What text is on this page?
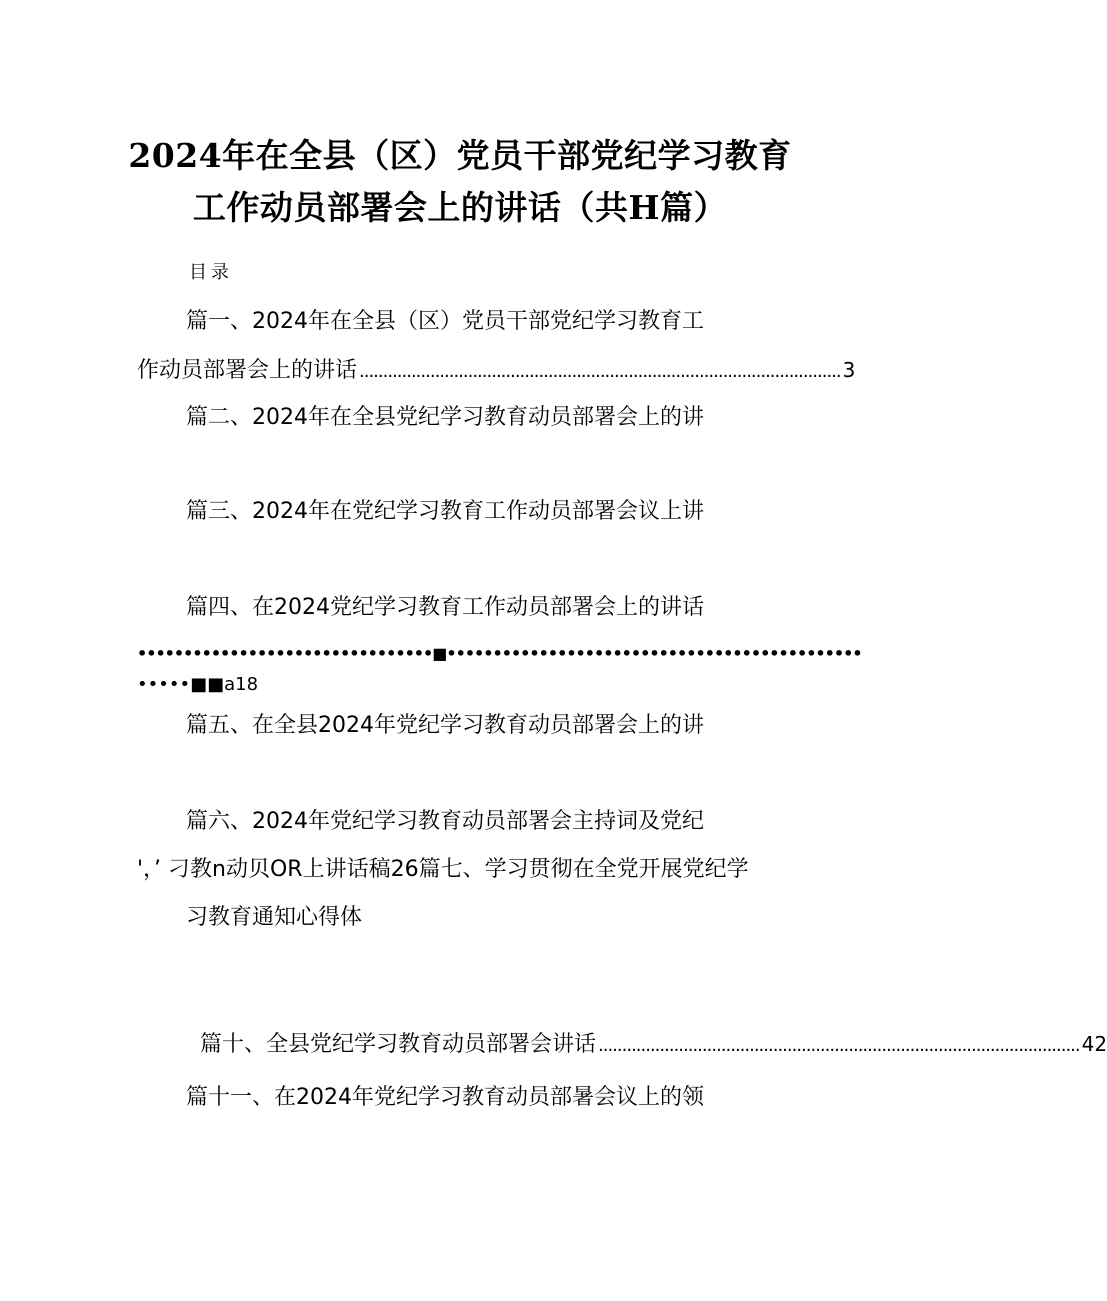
2024年在全县（区）党员干部党纪学习教育
工作动员部署会上的讲话（共H篇）
目录
篇一、2024年在全县（区）党员干部党纪学习教育工
作动员部署会上的讲话 ...................................................................................................... 3
篇二、2024年在全县党纪学习教育动员部署会上的讲
篇三、2024年在党纪学习教育工作动员部署会议上讲
篇四、在2024党纪学习教育工作动员部署会上的讲话
••••••••••••••••••••••••••••••••■•••••••••••••••••••••••••••••••••••••••••••••
•••••■■a18
篇五、在全县2024年党纪学习教育动员部署会上的讲
篇六、2024年党纪学习教育动员部署会主持词及党纪
'，’ 刁教n动贝OR上讲话稿26篇七、学习贯彻在全党开展党纪学
习教育通知心得体
篇十、全县党纪学习教育动员部署会讲话 ...................................................................................................... 42
篇十一、在2024年党纪学习教育动员部暑会议上的领
